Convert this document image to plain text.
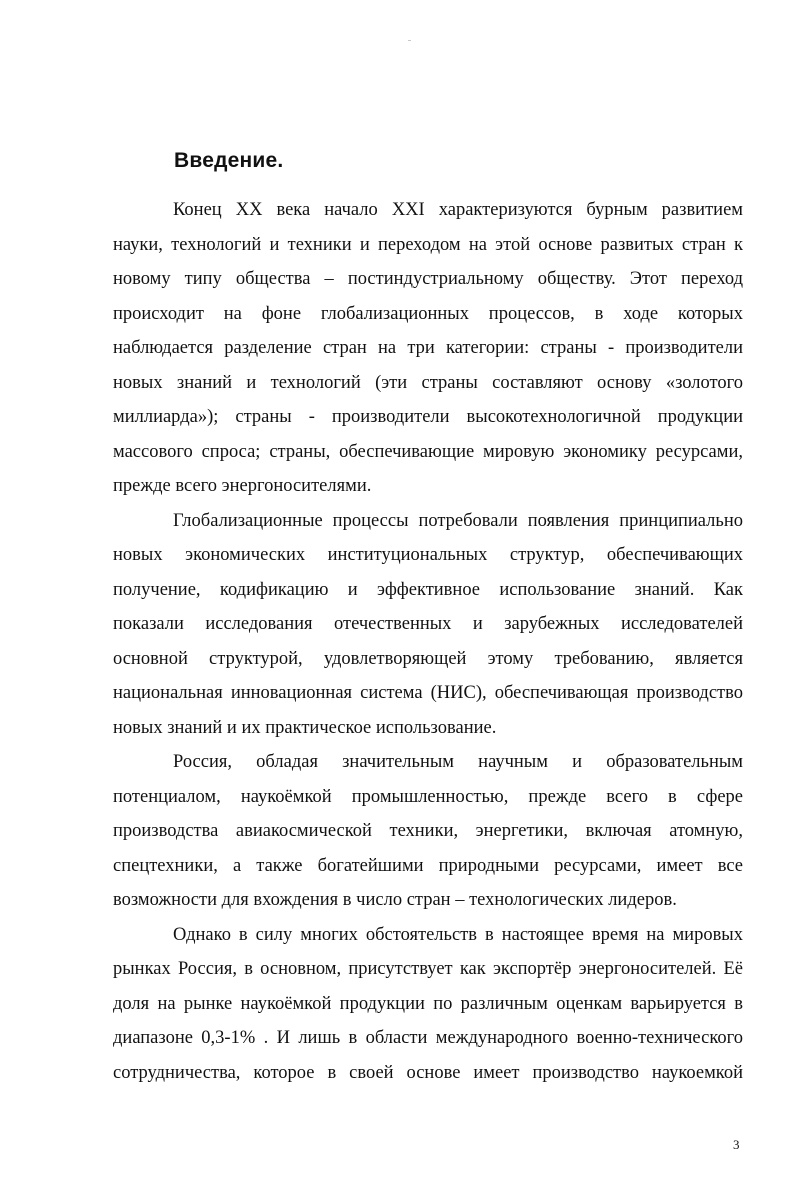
Введение.

Конец XX века начало XXI характеризуются бурным развитием
науки, технологий и техники и переходом на этой основе развитых стран к
новому типу общества – постиндустриальному обществу. Этот переход
происходит на фоне глобализационных процессов, в ходе которых
наблюдается разделение стран на три категории: страны - производители
новых знаний и технологий (эти страны составляют основу «золотого
миллиарда»); страны - производители высокотехнологичной продукции
массового спроса; страны, обеспечивающие мировую экономику ресурсами,
прежде всего энергоносителями.

Глобализационные процессы потребовали появления принципиально
новых экономических институциональных структур, обеспечивающих
получение, кодификацию и эффективное использование знаний. Как
показали исследования отечественных и зарубежных исследователей
основной структурой, удовлетворяющей этому требованию, является
национальная инновационная система (НИС), обеспечивающая производство
новых знаний и их практическое использование.

Россия, обладая значительным научным и образовательным
потенциалом, наукоёмкой промышленностью, прежде всего в сфере
производства авиакосмической техники, энергетики, включая атомную,
спецтехники, а также богатейшими природными ресурсами, имеет все
возможности для вхождения в число стран – технологических лидеров.

Однако в силу многих обстоятельств в настоящее время на мировых
рынках Россия, в основном, присутствует как экспортёр энергоносителей. Её
доля на рынке наукоёмкой продукции по различным оценкам варьируется в
диапазоне 0,3-1% . И лишь в области международного военно-технического
сотрудничества, которое в своей основе имеет производство наукоемкой

3
